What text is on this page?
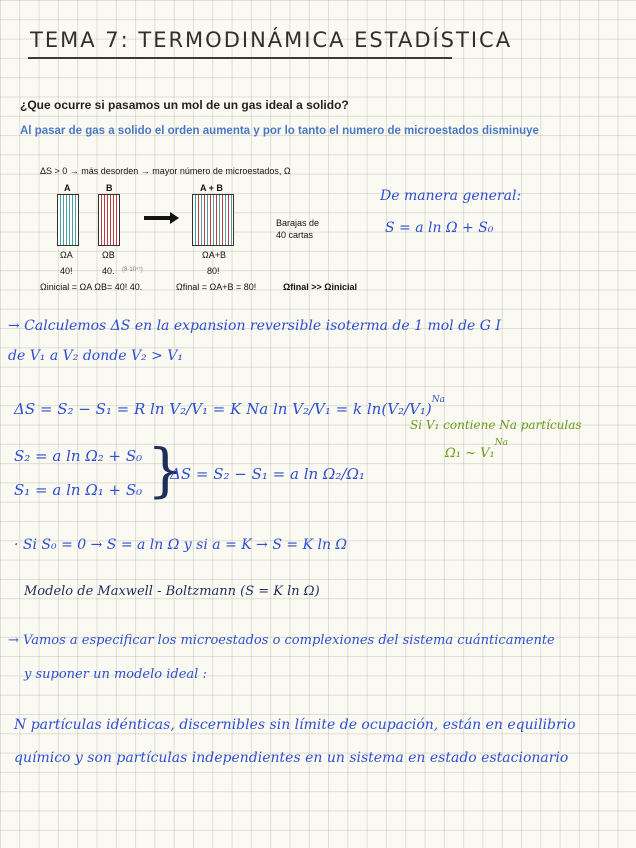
TEMA 7: TERMODINÁMICA ESTADÍSTICA
¿Que ocurre si pasamos un mol de un gas ideal a solido?
Al pasar de gas a solido el orden aumenta y por lo tanto el numero de microestados disminuye
ΔS > 0 → más desorden → mayor número de microestados, Ω
A	B	A + B
Barajas de
40 cartas
ΩA	ΩB	ΩA+B
40!	40. (8·10⁴⁷)	80!
Ωinicial = ΩA ΩB= 40! 40.	Ωfinal = ΩA+B = 80!	Ωfinal >> Ωinicial
De manera general:
S = a ln Ω + S₀
→ Calculemos ΔS en la expansion reversible isoterma de 1 mol de G I
de V₁ a V₂ donde V₂ > V₁
ΔS = S₂ − S₁ = R ln V₂/V₁ = K Na ln V₂/V₁ = k $\ln(V_2/V_1)^{Na}$
S₂ = a ln Ω₂ + S₀
S₁ = a ln Ω₁ + S₀ }
ΔS = S₂ − S₁ = a ln Ω₂/Ω₁
Si V₁ contiene Na partículas
Ω₁ ~ V₁$^{Na}$
· Si S₀ = 0 → S = a ln Ω y si a = K → S = K ln Ω
Modelo de Maxwell - Boltzmann (S = K ln Ω)
→ Vamos a especificar los microestados o complexiones del sistema cuánticamente
y suponer un modelo ideal :
N partículas idénticas, discernibles sin límite de ocupación, están en equilibrio
químico y son partículas independientes en un sistema en estado estacionario
